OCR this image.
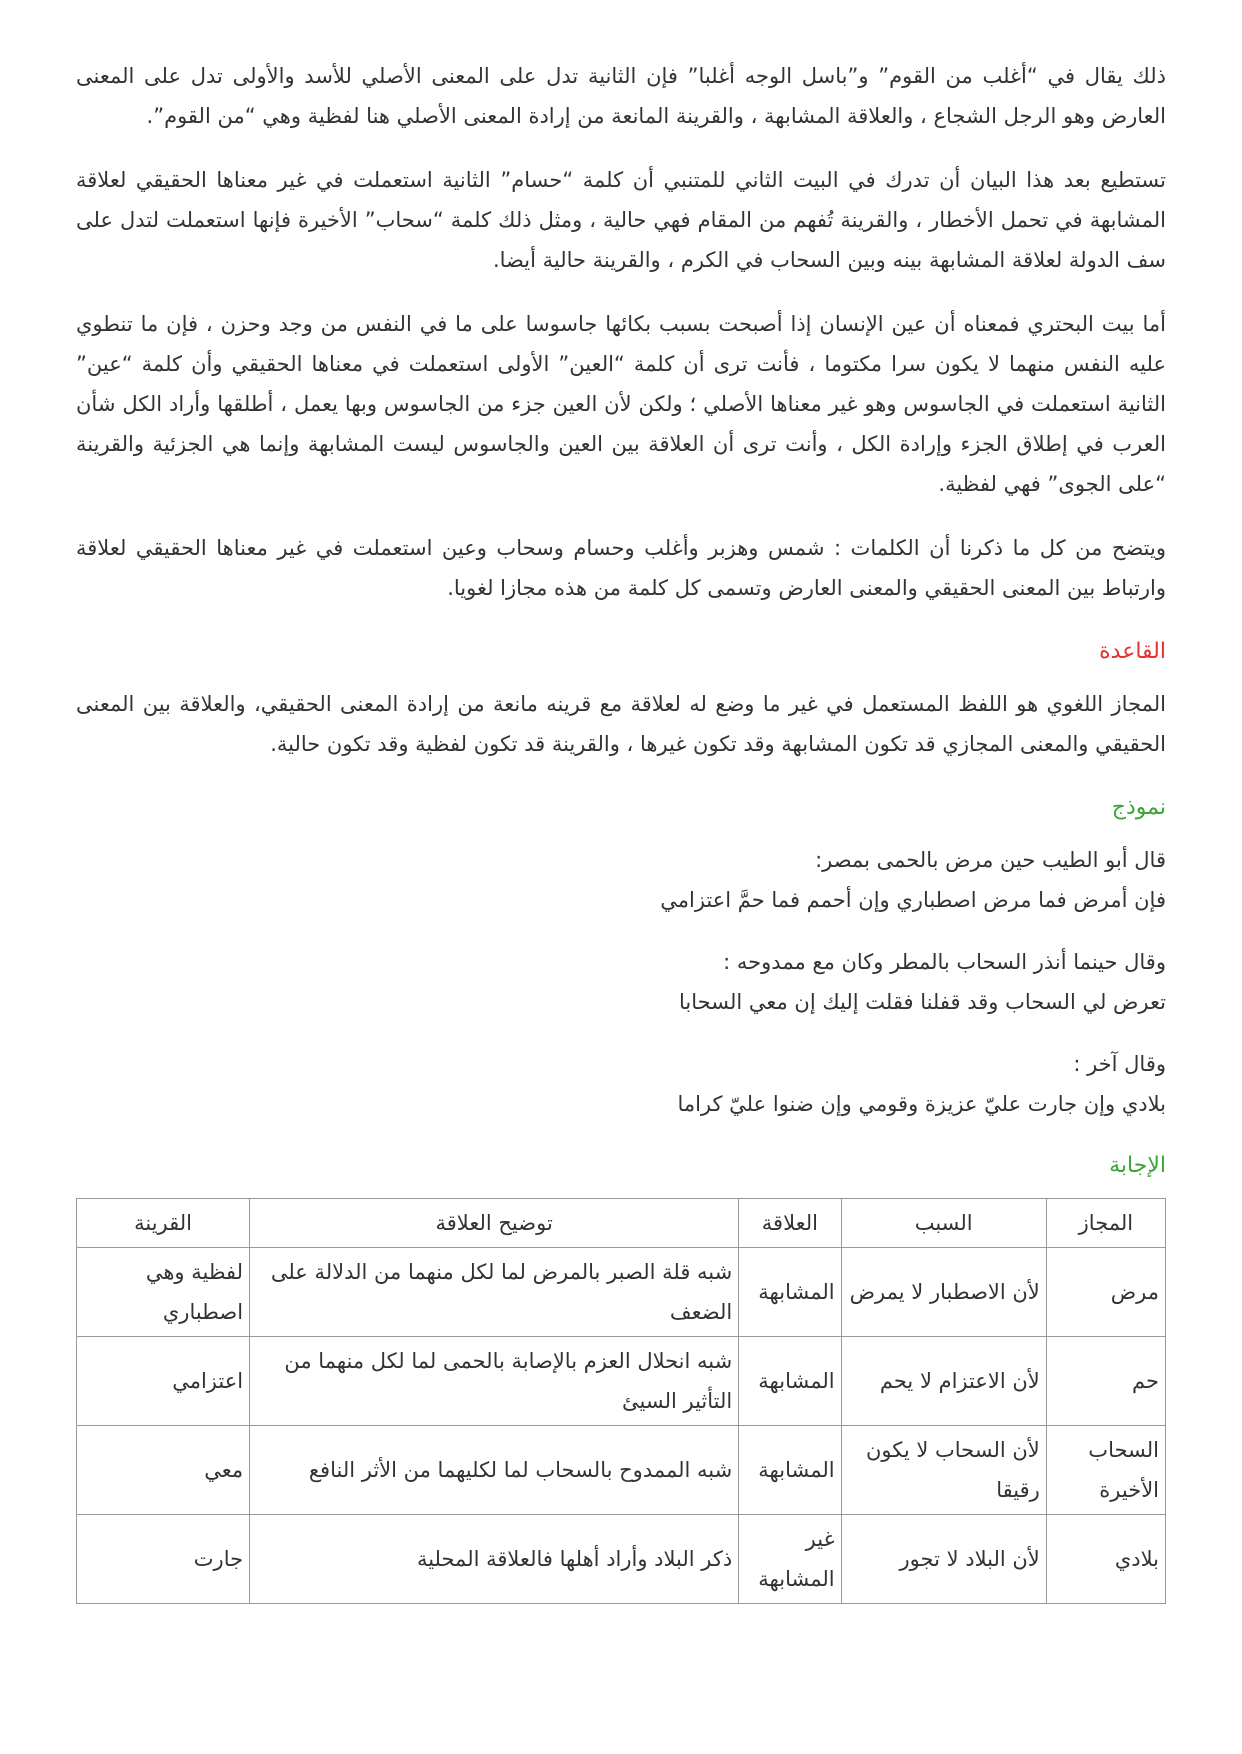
ذلك يقال في “أغلب من القوم” و”باسل الوجه أغلبا” فإن الثانية تدل على المعنى الأصلي للأسد والأولى تدل على المعنى العارض وهو الرجل الشجاع ، والعلاقة المشابهة ، والقرينة المانعة من إرادة المعنى الأصلي هنا لفظية وهي “من القوم”.

تستطيع بعد هذا البيان أن تدرك في البيت الثاني للمتنبي أن كلمة “حسام” الثانية استعملت في غير معناها الحقيقي لعلاقة المشابهة في تحمل الأخطار ، والقرينة تُفهم من المقام فهي حالية ، ومثل ذلك كلمة “سحاب” الأخيرة فإنها استعملت لتدل على سف الدولة لعلاقة المشابهة بينه وبين السحاب في الكرم ، والقرينة حالية أيضا.

أما بيت البحتري فمعناه أن عين الإنسان إذا أصبحت بسبب بكائها جاسوسا على ما في النفس من وجد وحزن ، فإن ما تنطوي عليه النفس منهما لا يكون سرا مكتوما ، فأنت ترى أن كلمة “العين” الأولى استعملت في معناها الحقيقي وأن كلمة “عين” الثانية استعملت في الجاسوس وهو غير معناها الأصلي ؛ ولكن لأن العين جزء من الجاسوس وبها يعمل ، أطلقها وأراد الكل شأن العرب في إطلاق الجزء وإرادة الكل ، وأنت ترى أن العلاقة بين العين والجاسوس ليست المشابهة وإنما هي الجزئية والقرينة “على الجوى” فهي لفظية.

ويتضح من كل ما ذكرنا أن الكلمات : شمس وهزبر وأغلب وحسام وسحاب وعين استعملت في غير معناها الحقيقي لعلاقة وارتباط بين المعنى الحقيقي والمعنى العارض وتسمى كل كلمة من هذه مجازا لغويا.

القاعدة

المجاز اللغوي هو اللفظ المستعمل في غير ما وضع له لعلاقة مع قرينه مانعة من إرادة المعنى الحقيقي، والعلاقة بين المعنى الحقيقي والمعنى المجازي قد تكون المشابهة وقد تكون غيرها ، والقرينة قد تكون لفظية وقد تكون حالية.

نموذج

قال أبو الطيب حين مرض بالحمى بمصر:

فإن أمرض فما مرض اصطباري وإن أحمم فما حمَّ اعتزامي

وقال حينما أنذر السحاب بالمطر وكان مع ممدوحه :

تعرض لي السحاب وقد قفلنا فقلت إليك إن معي السحابا

وقال آخر :

بلادي وإن جارت عليّ عزيزة وقومي وإن ضنوا عليّ كراما

الإجابة

المجاز	السبب	العلاقة	توضيح العلاقة	القرينة
مرض	لأن الاصطبار لا يمرض	المشابهة	شبه قلة الصبر بالمرض لما لكل منهما من الدلالة على الضعف	لفظية وهي اصطباري
حم	لأن الاعتزام لا يحم	المشابهة	شبه انحلال العزم بالإصابة بالحمى لما لكل منهما من التأثير السيئ	اعتزامي
السحاب الأخيرة	لأن السحاب لا يكون رقيقا	المشابهة	شبه الممدوح بالسحاب لما لكليهما من الأثر النافع	معي
بلادي	لأن البلاد لا تجور	غير المشابهة	ذكر البلاد وأراد أهلها فالعلاقة المحلية	جارت
